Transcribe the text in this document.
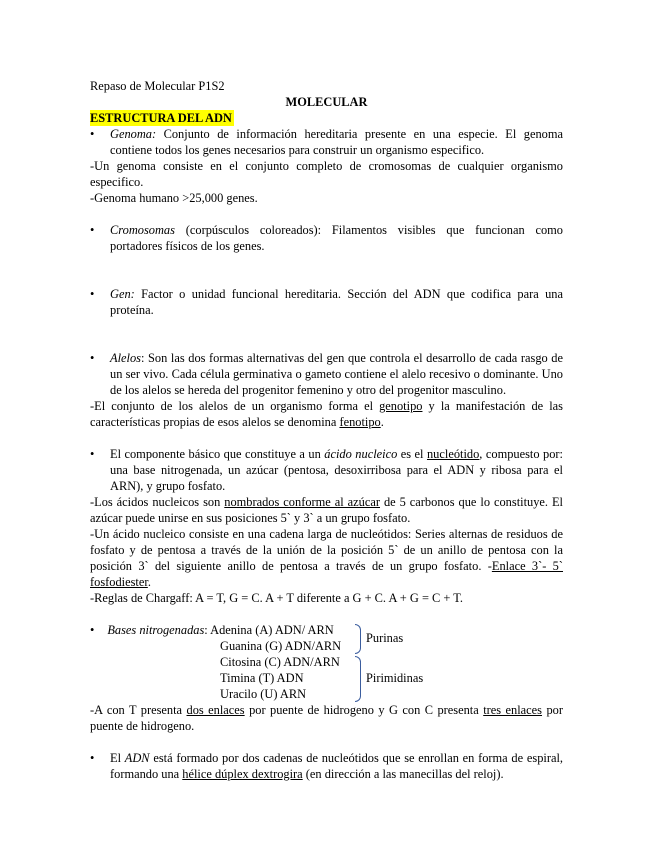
Repaso de Molecular P1S2

MOLECULAR

ESTRUCTURA DEL ADN

• Genoma: Conjunto de información hereditaria presente en una especie. El genoma contiene todos los genes necesarios para construir un organismo especifico.

-Un genoma consiste en el conjunto completo de cromosomas de cualquier organismo especifico.

-Genoma humano >25,000 genes.

• Cromosomas (corpúsculos coloreados): Filamentos visibles que funcionan como portadores físicos de los genes.

• Gen: Factor o unidad funcional hereditaria. Sección del ADN que codifica para una proteína.

• Alelos: Son las dos formas alternativas del gen que controla el desarrollo de cada rasgo de un ser vivo. Cada célula germinativa o gameto contiene el alelo recesivo o dominante. Uno de los alelos se hereda del progenitor femenino y otro del progenitor masculino.

-El conjunto de los alelos de un organismo forma el genotipo y la manifestación de las características propias de esos alelos se denomina fenotipo.

• El componente básico que constituye a un ácido nucleico es el nucleótido, compuesto por: una base nitrogenada, un azúcar (pentosa, desoxirribosa para el ADN y ribosa para el ARN), y grupo fosfato.

-Los ácidos nucleicos son nombrados conforme al azúcar de 5 carbonos que lo constituye. El azúcar puede unirse en sus posiciones 5` y 3` a un grupo fosfato.

-Un ácido nucleico consiste en una cadena larga de nucleótidos: Series alternas de residuos de fosfato y de pentosa a través de la unión de la posición 5` de un anillo de pentosa con la posición 3` del siguiente anillo de pentosa a través de un grupo fosfato. -Enlace 3`- 5` fosfodiester.

-Reglas de Chargaff: A = T, G = C. A + T diferente a G + C. A + G = C + T.

• Bases nitrogenadas: Adenina (A) ADN/ ARN
Guanina (G) ADN/ARN
Citosina (C) ADN/ARN
Timina (T) ADN
Uracilo (U) ARN
Purinas
Pirimidinas

-A con T presenta dos enlaces por puente de hidrogeno y G con C presenta tres enlaces por puente de hidrogeno.

• El ADN está formado por dos cadenas de nucleótidos que se enrollan en forma de espiral, formando una hélice dúplex dextrogira (en dirección a las manecillas del reloj).
